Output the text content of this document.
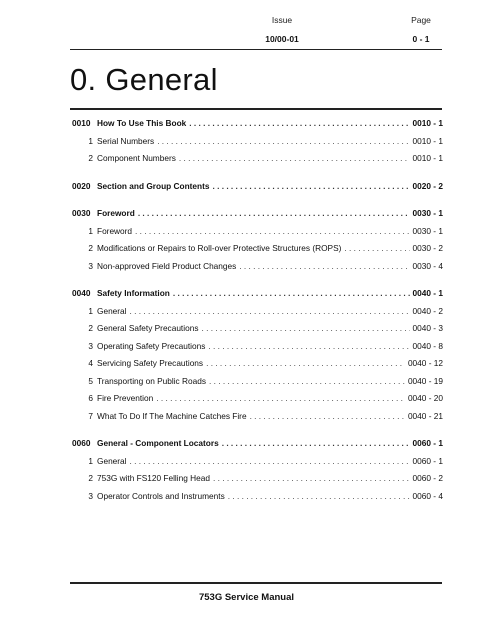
Issue
10/00-01
Page
0 - 1
0. General
0010 How To Use This Book . . .	0010 - 1
1 Serial Numbers . . .	0010 - 1
2 Component Numbers . . .	0010 - 1
0020 Section and Group Contents . . .	0020 - 2
0030 Foreword . . .	0030 - 1
1 Foreword . . .	0030 - 1
2 Modifications or Repairs to Roll-over Protective Structures (ROPS) . . .	0030 - 2
3 Non-approved Field Product Changes . . .	0030 - 4
0040 Safety Information . . .	0040 - 1
1 General . . .	0040 - 2
2 General Safety Precautions . . .	0040 - 3
3 Operating Safety Precautions . . .	0040 - 8
4 Servicing Safety Precautions . . .	0040 - 12
5 Transporting on Public Roads . . .	0040 - 19
6 Fire Prevention . . .	0040 - 20
7 What To Do If The Machine Catches Fire . . .	0040 - 21
0060 General - Component Locators . . .	0060 - 1
1 General . . .	0060 - 1
2 753G with FS120 Felling Head . . .	0060 - 2
3 Operator Controls and Instruments . . .	0060 - 4
753G Service Manual
